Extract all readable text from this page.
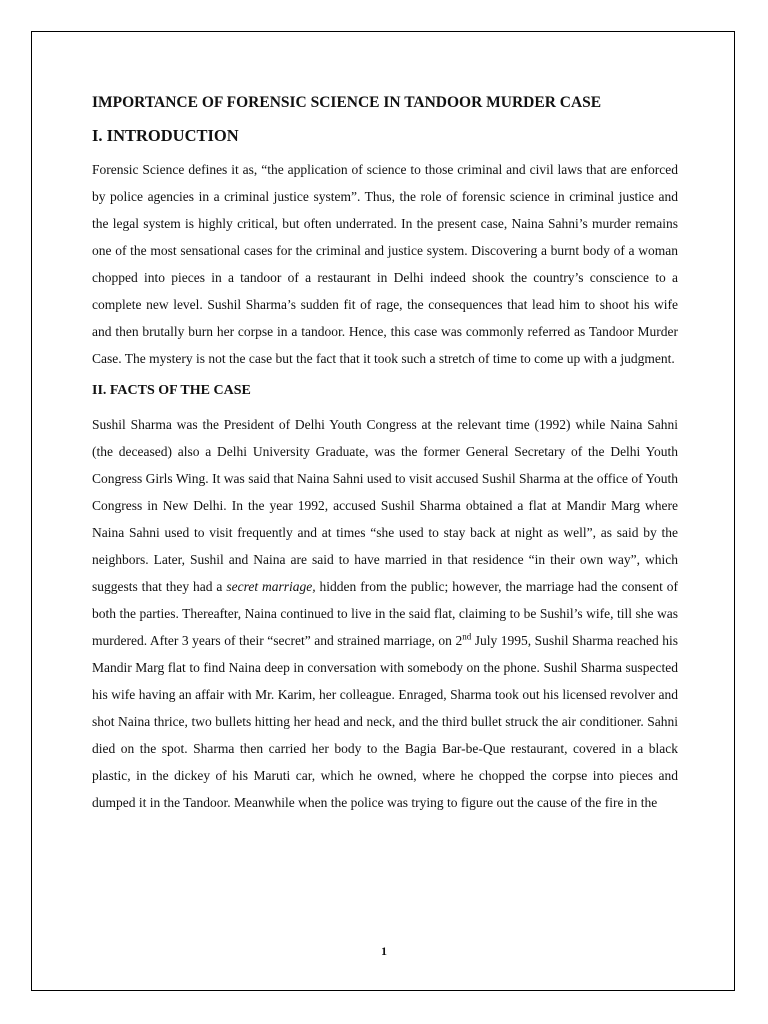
IMPORTANCE OF FORENSIC SCIENCE IN TANDOOR MURDER CASE
I. INTRODUCTION

Forensic Science defines it as, “the application of science to those criminal and civil laws that are enforced by police agencies in a criminal justice system”. Thus, the role of forensic science in criminal justice and the legal system is highly critical, but often underrated. In the present case, Naina Sahni’s murder remains one of the most sensational cases for the criminal and justice system. Discovering a burnt body of a woman chopped into pieces in a tandoor of a restaurant in Delhi indeed shook the country’s conscience to a complete new level. Sushil Sharma’s sudden fit of rage, the consequences that lead him to shoot his wife and then brutally burn her corpse in a tandoor. Hence, this case was commonly referred as Tandoor Murder Case. The mystery is not the case but the fact that it took such a stretch of time to come up with a judgment.

II. FACTS OF THE CASE

Sushil Sharma was the President of Delhi Youth Congress at the relevant time (1992) while Naina Sahni (the deceased) also a Delhi University Graduate, was the former General Secretary of the Delhi Youth Congress Girls Wing. It was said that Naina Sahni used to visit accused Sushil Sharma at the office of Youth Congress in New Delhi. In the year 1992, accused Sushil Sharma obtained a flat at Mandir Marg where Naina Sahni used to visit frequently and at times “she used to stay back at night as well”, as said by the neighbors. Later, Sushil and Naina are said to have married in that residence “in their own way”, which suggests that they had a secret marriage, hidden from the public; however, the marriage had the consent of both the parties. Thereafter, Naina continued to live in the said flat, claiming to be Sushil’s wife, till she was murdered. After 3 years of their “secret” and strained marriage, on 2nd July 1995, Sushil Sharma reached his Mandir Marg flat to find Naina deep in conversation with somebody on the phone. Sushil Sharma suspected his wife having an affair with Mr. Karim, her colleague. Enraged, Sharma took out his licensed revolver and shot Naina thrice, two bullets hitting her head and neck, and the third bullet struck the air conditioner. Sahni died on the spot. Sharma then carried her body to the Bagia Bar-be-Que restaurant, covered in a black plastic, in the dickey of his Maruti car, which he owned, where he chopped the corpse into pieces and dumped it in the Tandoor. Meanwhile when the police was trying to figure out the cause of the fire in the

1
